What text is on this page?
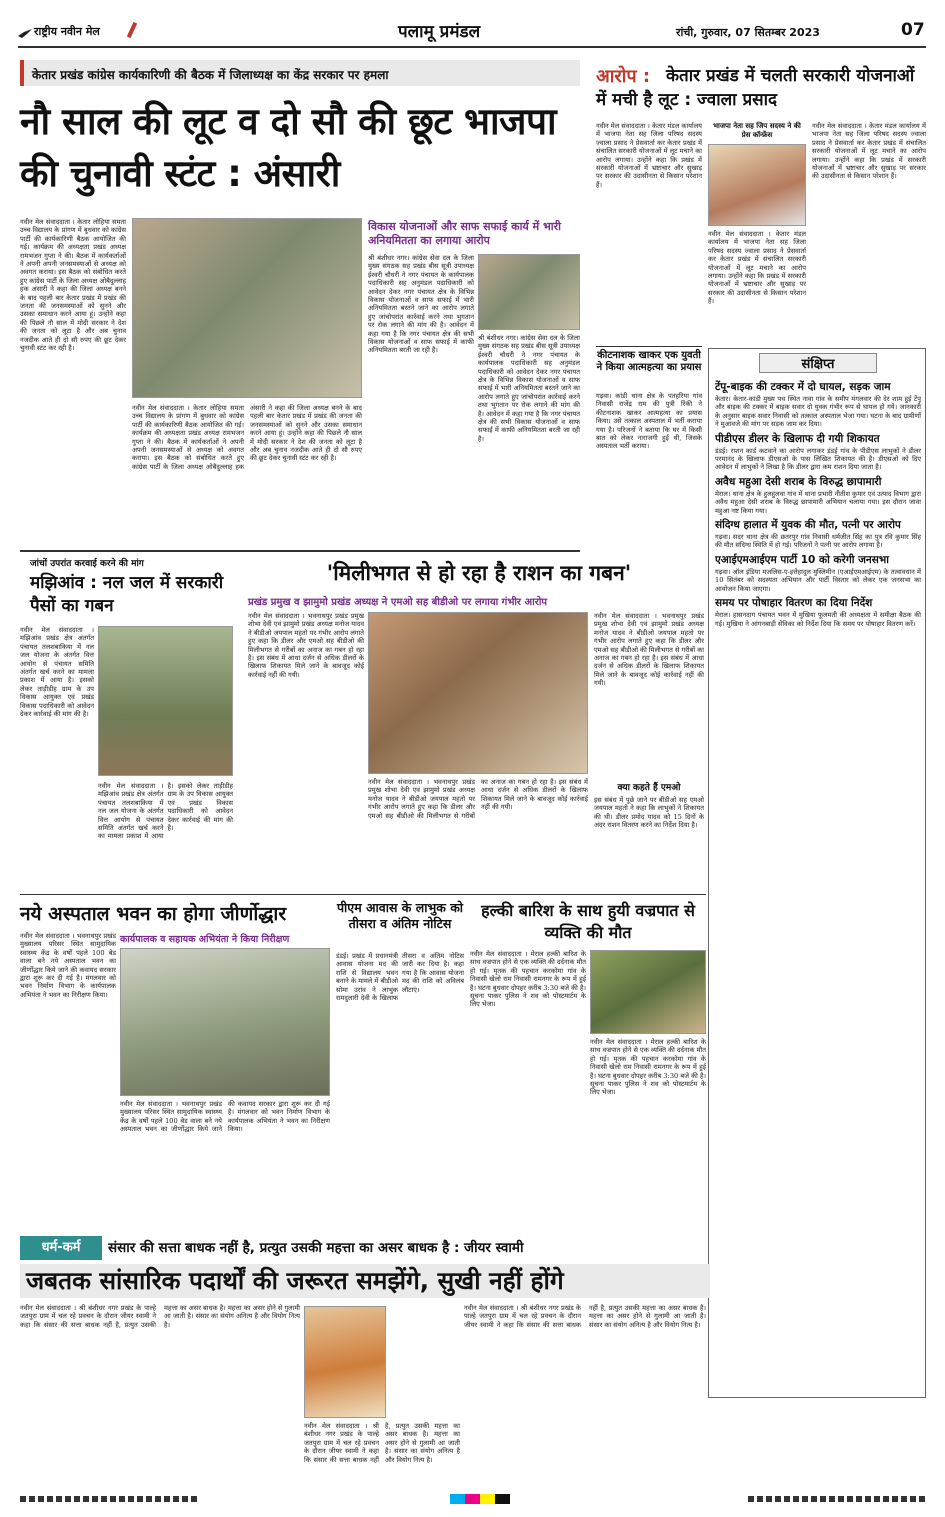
राष्ट्रीय नवीन मेल	पलामू प्रमंडल	रांची, गुरुवार, 07 सितम्बर 2023	07
केतार प्रखंड कांग्रेस कार्यकारिणी की बैठक में जिलाध्यक्ष का केंद्र सरकार पर हमला
नौ साल की लूट व दो सौ की छूट भाजपा की चुनावी स्टंट : अंसारी
नवीन मेल संवाददाता । केतार लोहिया समता उच्च विद्यालय के प्रांगण में बुधवार को कांग्रेस पार्टी की कार्यकारिणी बैठक आयोजित की गई। कार्यक्रम की अध्यक्षता प्रखंड अध्यक्ष रामभजन गुप्ता ने की। बैठक में कार्यकर्ताओं ने अपनी अपनी जनसमस्याओं से अध्यक्ष को अवगत कराया। इस बैठक को संबोधित करते हुए कांग्रेस पार्टी के जिला अध्यक्ष ओबैदुल्लाह हक अंसारी ने कहा की जिला अध्यक्ष बनने के बाद पहली बार केतार प्रखंड में प्रखंड की जनता की जनसमस्याओं को सुनने और उसका समाधान करने आया हूं। उन्होंने कहा की पिछले नौ साल में मोदी सरकार ने देश की जनता को लूटा है और अब चुनाव नजदीक आते ही दो सौ रुपए की छूट देकर चुनावी स्टंट कर रही है।
नवीन मेल संवाददाता । केतार लोहिया समता उच्च विद्यालय के प्रांगण में बुधवार को कांग्रेस पार्टी की कार्यकारिणी बैठक आयोजित की गई। कार्यक्रम की अध्यक्षता प्रखंड अध्यक्ष रामभजन गुप्ता ने की। बैठक में कार्यकर्ताओं ने अपनी अपनी जनसमस्याओं से अध्यक्ष को अवगत कराया। इस बैठक को संबोधित करते हुए कांग्रेस पार्टी के जिला अध्यक्ष ओबैदुल्लाह हक अंसारी ने कहा की जिला अध्यक्ष बनने के बाद पहली बार केतार प्रखंड में प्रखंड की जनता की जनसमस्याओं को सुनने और उसका समाधान करने आया हूं। उन्होंने कहा की पिछले नौ साल में मोदी सरकार ने देश की जनता को लूटा है और अब चुनाव नजदीक आते ही दो सौ रुपए की छूट देकर चुनावी स्टंट कर रही है।
विकास योजनाओं और साफ सफाई कार्य में भारी अनियमितता का लगाया आरोप
श्री बंशीधर नगर। कांग्रेस सेवा दल के जिला मुख्य संगठक सह प्रखंड बीस सूत्री उपाध्यक्ष ईश्वरी चौधरी ने नगर पंचायत के कार्यपालक पदाधिकारी सह अनुमंडल पदाधिकारी को आवेदन देकर नगर पंचायत क्षेत्र के विभिन्न विकास योजनाओं व साफ सफाई में भारी अनियमितता बरतने जाने का आरोप लगाते हुए जांचोपरांत कार्रवाई करने तथा भुगतान पर रोक लगाने की मांग की है। आवेदन में कहा गया है कि नगर पंचायत क्षेत्र की सभी विकास योजनाओं व साफ सफाई में काफी अनियमितता बरती जा रही है।
श्री बंशीधर नगर। कांग्रेस सेवा दल के जिला मुख्य संगठक सह प्रखंड बीस सूत्री उपाध्यक्ष ईश्वरी चौधरी ने नगर पंचायत के कार्यपालक पदाधिकारी सह अनुमंडल पदाधिकारी को आवेदन देकर नगर पंचायत क्षेत्र के विभिन्न विकास योजनाओं व साफ सफाई में भारी अनियमितता बरतने जाने का आरोप लगाते हुए जांचोपरांत कार्रवाई करने तथा भुगतान पर रोक लगाने की मांग की है। आवेदन में कहा गया है कि नगर पंचायत क्षेत्र की सभी विकास योजनाओं व साफ सफाई में काफी अनियमितता बरती जा रही है।
आरोप : केतार प्रखंड में चलती सरकारी योजनाओं में मची है लूट : ज्वाला प्रसाद
नवीन मेल संवाददाता । केतार मंडल कार्यालय में भाजपा नेता सह जिला परिषद सदस्य ज्वाला प्रसाद ने प्रेसवार्ता कर केतार प्रखंड में संचालित सरकारी योजनाओं में लूट मचाने का आरोप लगाया। उन्होंने कहा कि प्रखंड में सरकारी योजनाओं में भ्रष्टाचार और सुखाड़ पर सरकार की उदासीनता से किसान परेशान हैं।
भाजपा नेता सह जिप सदस्य ने की प्रेस कॉन्फ्रेंस
नवीन मेल संवाददाता । केतार मंडल कार्यालय में भाजपा नेता सह जिला परिषद सदस्य ज्वाला प्रसाद ने प्रेसवार्ता कर केतार प्रखंड में संचालित सरकारी योजनाओं में लूट मचाने का आरोप लगाया। उन्होंने कहा कि प्रखंड में सरकारी योजनाओं में भ्रष्टाचार और सुखाड़ पर सरकार की उदासीनता से किसान परेशान हैं।
नवीन मेल संवाददाता । केतार मंडल कार्यालय में भाजपा नेता सह जिला परिषद सदस्य ज्वाला प्रसाद ने प्रेसवार्ता कर केतार प्रखंड में संचालित सरकारी योजनाओं में लूट मचाने का आरोप लगाया। उन्होंने कहा कि प्रखंड में सरकारी योजनाओं में भ्रष्टाचार और सुखाड़ पर सरकार की उदासीनता से किसान परेशान हैं।
कीटनाशक खाकर एक युवती ने किया आत्महत्या का प्रयास
गढ़वा। कांडी थाना क्षेत्र के पतहरिया गांव निवासी राजेंद्र राम की पुत्री रिंकी ने कीटनाशक खाकर आत्महत्या का प्रयास किया। उसे तत्काल अस्पताल में भर्ती कराया गया है। परिजनों ने बताया कि घर में किसी बात को लेकर नाराजगी हुई थी, जिसके अस्पताल भर्ती कराया।
संक्षिप्त
टेंपू-बाइक की टक्कर में दो घायल, सड़क जाम
केतार। केतार-कांडी मुख्य पथ स्थित नावा गांव के समीप मंगलवार की देर शाम हुई टेंपू और बाइक की टक्कर में बाइक सवार दो युवक गंभीर रूप से घायल हो गये। जानकारी के अनुसार बाइक सवार निवासी को तत्काल अस्पताल भेजा गया। घटना के बाद ग्रामीणों ने मुआवजे की मांग पर सड़क जाम कर दिया।
पीडीएस डीलर के खिलाफ दी गयी शिकायत
डंडई। राशन कार्ड कटवाने का आरोप लगाकर डंडई गांव के पीडीएस लाभुकों ने डीलर परमानंद के खिलाफ डीएसओ के पास लिखित शिकायत की है। डीएसओ को दिए आवेदन में लाभुकों ने लिखा है कि डीलर द्वारा कम राशन दिया जाता है।
अवैध महुआ देसी शराब के विरुद्ध छापामारी
मेराल। थाना क्षेत्र के हुलहुलवा गांव में थाना प्रभारी नीतीश कुमार एवं उत्पाद विभाग द्वारा अवैध महुआ देसी शराब के विरुद्ध छापामारी अभियान चलाया गया। इस दौरान जावा महुआ नष्ट किया गया।
संदिग्ध हालात में युवक की मौत, पत्नी पर आरोप
गढ़वा। सदर थाना क्षेत्र की छतरपुर गांव निवासी धर्मजीत सिंह का पुत्र रवि कुमार सिंह की मौत संदिग्ध स्थिति में हो गई। परिजनों ने पत्नी पर आरोप लगाया है।
एआईएमआईएम पार्टी 10 को करेगी जनसभा
गढ़वा। ऑल इंडिया मजलिस-ए-इत्तेहादुल मुस्लिमीन (एआईएमआईएम) के तत्वावधान में 10 सितंबर को सदस्यता अभियान और पार्टी विस्तार को लेकर एक जनसभा का आयोजन किया जाएगा।
समय पर पोषाहार वितरण का दिया निर्देश
मेराल। हासनदाग पंचायत भवन में मुखिया फूलमती की अध्यक्षता में समीक्षा बैठक की गई। मुखिया ने आंगनबाड़ी सेविका को निर्देश दिया कि समय पर पोषाहार वितरण करें।
जांचों उपरांत करवाई करने की मांग
मझिआंव : नल जल में सरकारी पैसों का गबन
नवीन मेल संवाददाता । मझिआंव प्रखंड क्षेत्र अंतर्गत पंचायत तलशबाकिया में नल जल योजना के अंतर्गत वित्त आयोग से पंचायत समिति अंतर्गत खर्च करने का मामला प्रकाश में आया है। इसको लेकर ताड़ीडीह ग्राम के उप विकास आयुक्त एवं प्रखंड विकास पदाधिकारी को आवेदन देकर कार्रवाई की मांग की है।
नवीन मेल संवाददाता । मझिआंव प्रखंड क्षेत्र अंतर्गत पंचायत तलशबाकिया में नल जल योजना के अंतर्गत वित्त आयोग से पंचायत समिति अंतर्गत खर्च करने का मामला प्रकाश में आया है। इसको लेकर ताड़ीडीह ग्राम के उप विकास आयुक्त एवं प्रखंड विकास पदाधिकारी को आवेदन देकर कार्रवाई की मांग की है।
'मिलीभगत से हो रहा है राशन का गबन'
प्रखंड प्रमुख व झामुमो प्रखंड अध्यक्ष ने एमओ सह बीडीओ पर लगाया गंभीर आरोप
नवीन मेल संवाददाता । भवनाथपुर प्रखंड प्रमुख शोभा देवी एवं झामुमो प्रखंड अध्यक्ष मनोज यादव ने बीडीओ जयपाल महतो पर गंभीर आरोप लगाते हुए कहा कि डीलर और एमओ सह बीडीओ की मिलीभगत से गरीबों का अनाज का गबन हो रहा है। इस संबंध में आधा दर्जन से अधिक डीलरों के खिलाफ शिकायत मिले जाने के बावजूद कोई कार्रवाई नहीं की गयी।
नवीन मेल संवाददाता । भवनाथपुर प्रखंड प्रमुख शोभा देवी एवं झामुमो प्रखंड अध्यक्ष मनोज यादव ने बीडीओ जयपाल महतो पर गंभीर आरोप लगाते हुए कहा कि डीलर और एमओ सह बीडीओ की मिलीभगत से गरीबों का अनाज का गबन हो रहा है। इस संबंध में आधा दर्जन से अधिक डीलरों के खिलाफ शिकायत मिले जाने के बावजूद कोई कार्रवाई नहीं की गयी।
नवीन मेल संवाददाता । भवनाथपुर प्रखंड प्रमुख शोभा देवी एवं झामुमो प्रखंड अध्यक्ष मनोज यादव ने बीडीओ जयपाल महतो पर गंभीर आरोप लगाते हुए कहा कि डीलर और एमओ सह बीडीओ की मिलीभगत से गरीबों का अनाज का गबन हो रहा है। इस संबंध में आधा दर्जन से अधिक डीलरों के खिलाफ शिकायत मिले जाने के बावजूद कोई कार्रवाई नहीं की गयी।
क्या कहते हैं एमओ
इस संबंध में पूछे जाने पर बीडीओ सह एमओ जयपाल महतो ने कहा कि लाभुकों ने शिकायत की थी। डीलर प्रमोद यादव को 15 दिनों के अंदर राशन वितरण करने का निर्देश दिया है।
नये अस्पताल भवन का होगा जीर्णोद्धार
कार्यपालक व सहायक अभियंता ने किया निरीक्षण
नवीन मेल संवाददाता । भवनाथपुर प्रखंड मुख्यालय परिसर स्थित सामुदायिक स्वास्थ्य केंद्र के वर्षों पहले 100 बेड वाला बने नये अस्पताल भवन का जीर्णोद्धार किये जाने की कवायद सरकार द्वारा शुरू कर दी गई है। मंगलवार को भवन निर्माण विभाग के कार्यपालक अभियंता ने भवन का निरीक्षण किया।
नवीन मेल संवाददाता । भवनाथपुर प्रखंड मुख्यालय परिसर स्थित सामुदायिक स्वास्थ्य केंद्र के वर्षों पहले 100 बेड वाला बने नये अस्पताल भवन का जीर्णोद्धार किये जाने की कवायद सरकार द्वारा शुरू कर दी गई है। मंगलवार को भवन निर्माण विभाग के कार्यपालक अभियंता ने भवन का निरीक्षण किया।
पीएम आवास के लाभुक को तीसरा व अंतिम नोटिस
डंडई। प्रखंड में प्रधानमंत्री आवास योजना मद की राशि से विद्यालय भवन बनाने के मामले में बीडीओ सोमा उरांव ने लाभुक रामदुलारी देवी के खिलाफ तीसरा व अंतिम नोटिस जारी कर दिया है। कहा गया है कि आवास योजना मद की राशि को अविलंब लौटाएं।
हल्की बारिश के साथ हुयी वज्रपात से व्यक्ति की मौत
नवीन मेल संवाददाता । मेराल हल्की बारिश के साथ वज्रपात होने से एक व्यक्ति की दर्दनाक मौत हो गई। मृतक की पहचान करकोमा गांव के निवासी खेलो राम निवासी रामनगर के रूप में हुई है। घटना बुधवार दोपहर करीब 3:30 बजे की है। सूचना पाकर पुलिस ने शव को पोस्टमार्टम के लिए भेजा।
नवीन मेल संवाददाता । मेराल हल्की बारिश के साथ वज्रपात होने से एक व्यक्ति की दर्दनाक मौत हो गई। मृतक की पहचान करकोमा गांव के निवासी खेलो राम निवासी रामनगर के रूप में हुई है। घटना बुधवार दोपहर करीब 3:30 बजे की है। सूचना पाकर पुलिस ने शव को पोस्टमार्टम के लिए भेजा।
धर्म-कर्म	संसार की सत्ता बाधक नहीं है, प्रत्युत उसकी महत्ता का असर बाधक है : जीयर स्वामी
जबतक सांसारिक पदार्थों की जरूरत समझेंगे, सुखी नहीं होंगे
नवीन मेल संवाददाता । श्री बंशीधर नगर प्रखंड के पाल्हे जतपुरा ग्राम में चल रहे प्रवचन के दौरान जीयर स्वामी ने कहा कि संसार की सत्ता बाधक नहीं है, प्रत्युत उसकी महत्ता का असर बाधक है। महत्ता का असर होने से गुलामी आ जाती है। संसार का संयोग अनित्य है और वियोग नित्य है।
नवीन मेल संवाददाता । श्री बंशीधर नगर प्रखंड के पाल्हे जतपुरा ग्राम में चल रहे प्रवचन के दौरान जीयर स्वामी ने कहा कि संसार की सत्ता बाधक नहीं है, प्रत्युत उसकी महत्ता का असर बाधक है। महत्ता का असर होने से गुलामी आ जाती है। संसार का संयोग अनित्य है और वियोग नित्य है।
नवीन मेल संवाददाता । श्री बंशीधर नगर प्रखंड के पाल्हे जतपुरा ग्राम में चल रहे प्रवचन के दौरान जीयर स्वामी ने कहा कि संसार की सत्ता बाधक नहीं है, प्रत्युत उसकी महत्ता का असर बाधक है। महत्ता का असर होने से गुलामी आ जाती है। संसार का संयोग अनित्य है और वियोग नित्य है।
